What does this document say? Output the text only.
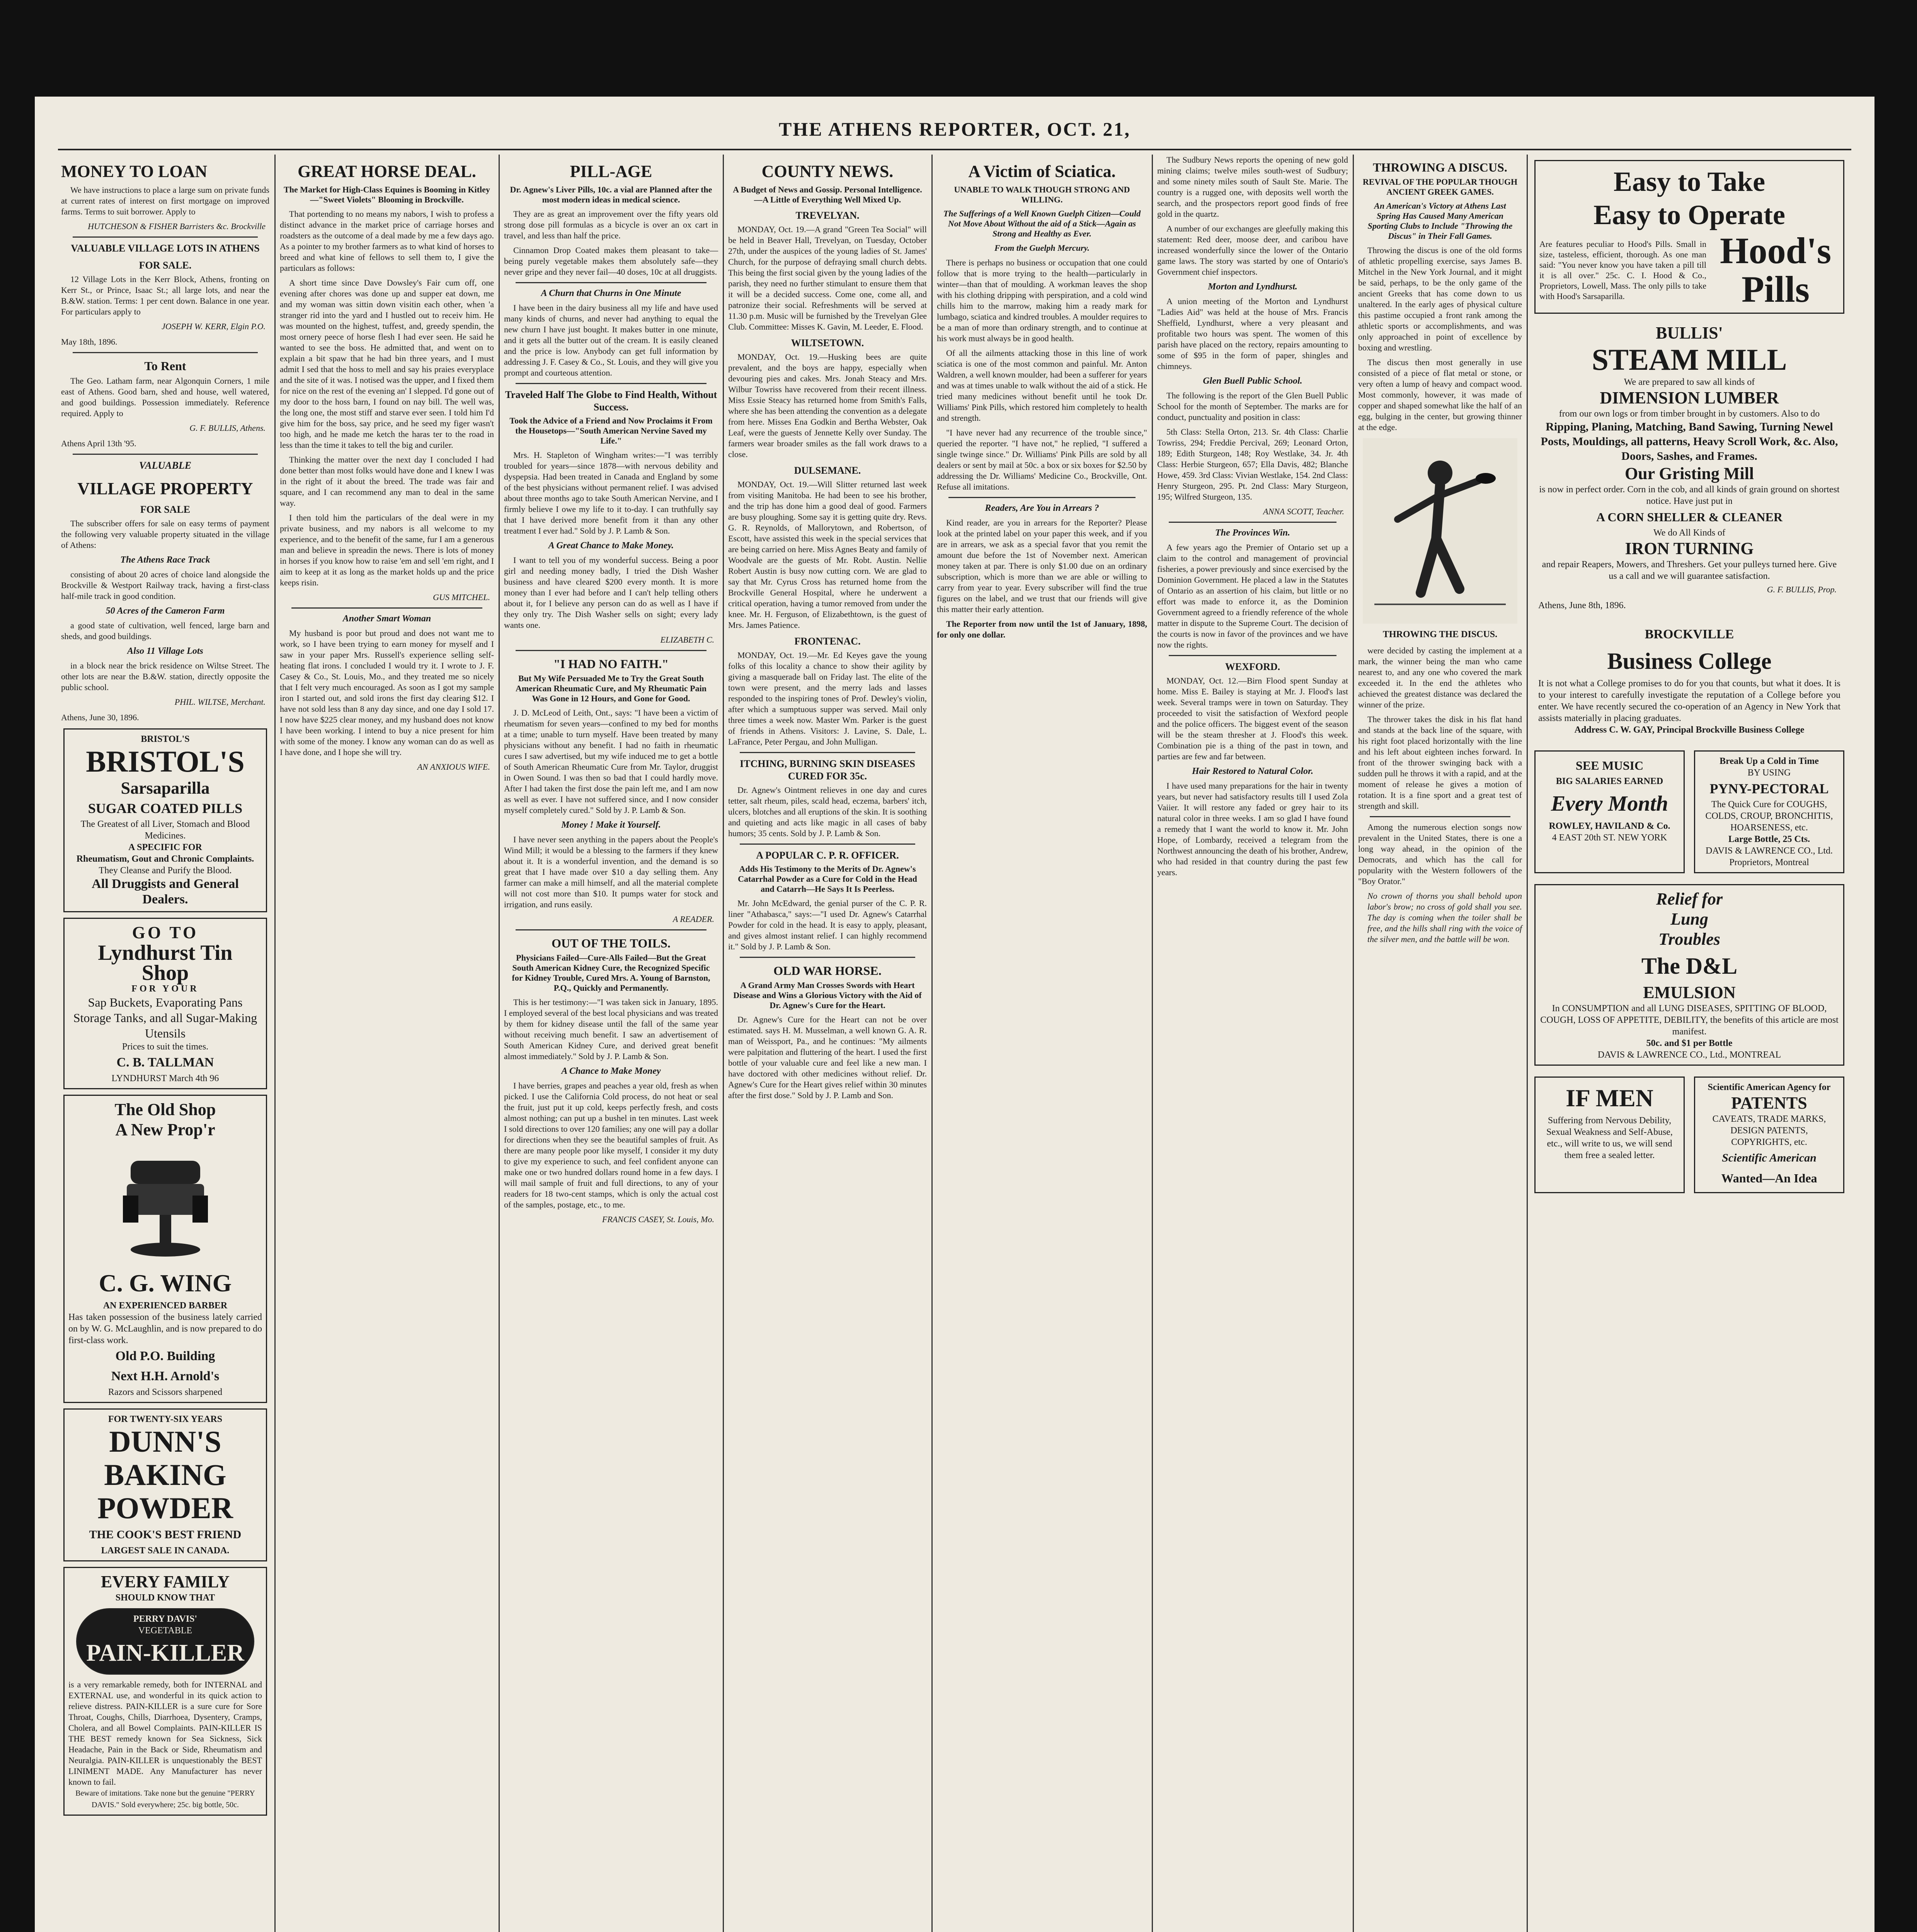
THE ATHENS REPORTER, OCT. 21,
MONEY TO LOAN

We have instructions to place a large sum on private funds at current rates of interest on first mortgage on improved farms. Terms to suit borrower. Apply to

HUTCHESON & FISHER Barristers &c. Brockville
VALUABLE VILLAGE LOTS IN ATHENS
FOR SALE.

12 Village Lots in the Kerr Block, Athens, fronting on Kerr St., or Prince, Isaac St.; all large lots, and near the B.&W. station. Terms: 1 per cent down. Balance in one year. For particulars apply to

JOSEPH W. KERR, Elgin P.O.
May 18th, 1896.
To Rent

The Geo. Latham farm, near Algonquin Corners, 1 mile east of Athens. Good barn, shed and house, well watered, and good buildings. Possession immediately. Reference required. Apply to

G. F. BULLIS, Athens.
Athens April 13th '95.
VALUABLE
VILLAGE PROPERTY
FOR SALE

The subscriber offers for sale on easy terms of payment the following very valuable property situated in the village of Athens:

The Athens Race Track

consisting of about 20 acres of choice land alongside the Brockville & Westport Railway track, having a first-class half-mile track in good condition.

50 Acres of the Cameron Farm

a good state of cultivation, well fenced, large barn and sheds, and good buildings.

Also 11 Village Lots

in a block near the brick residence on Wiltse Street. The other lots are near the B.&W. station, directly opposite the public school.

PHIL. WILTSE, Merchant.
Athens, June 30, 1896.
BRISTOL'S
BRISTOL'S
Sarsaparilla
SUGAR COATED PILLS
The Greatest of all Liver, Stomach and Blood Medicines.
A SPECIFIC FOR
Rheumatism, Gout and Chronic Complaints.
They Cleanse and Purify the Blood.
All Druggists and General Dealers.
GO TO
Lyndhurst Tin
Shop
FOR YOUR
Sap Buckets, Evaporating Pans Storage Tanks, and all Sugar-Making Utensils
Prices to suit the times.
C. B. TALLMAN
LYNDHURST March 4th 96
The Old Shop
A New Prop'r
C. G. WING
AN EXPERIENCED BARBER
Has taken possession of the business lately carried on by W. G. McLaughlin, and is now prepared to do first-class work.
Old P.O. Building
Next H.H. Arnold's
Razors and Scissors sharpened
FOR TWENTY-SIX YEARS
DUNN'S
BAKING
POWDER
THE COOK'S BEST FRIEND
LARGEST SALE IN CANADA.
EVERY FAMILY
SHOULD KNOW THAT
PERRY DAVIS'
VEGETABLE
PAIN-KILLER
is a very remarkable remedy, both for INTERNAL and EXTERNAL use, and wonderful in its quick action to relieve distress. PAIN-KILLER is a sure cure for Sore Throat, Coughs, Chills, Diarrhoea, Dysentery, Cramps, Cholera, and all Bowel Complaints. PAIN-KILLER IS THE BEST remedy known for Sea Sickness, Sick Headache, Pain in the Back or Side, Rheumatism and Neuralgia. PAIN-KILLER is unquestionably the BEST LINIMENT MADE. Any Manufacturer has never known to fail.
Beware of imitations. Take none but the genuine "PERRY DAVIS." Sold everywhere; 25c. big bottle, 50c.
GREAT HORSE DEAL.
The Market for High-Class Equines is Booming in Kitley—"Sweet Violets" Blooming in Brockville.

That portending to no means my nabors, I wish to profess a distinct advance in the market price of carriage horses and roadsters as the outcome of a deal made by me a few days ago. As a pointer to my brother farmers as to what kind of horses to breed and what kine of fellows to sell them to, I give the particulars as follows:

A short time since Dave Dowsley's Fair cum off, one evening after chores was done up and supper eat down, me and my woman was sittin down visitin each other, when 'a stranger rid into the yard and I hustled out to receiv him. He was mounted on the highest, tuffest, and, greedy spendin, the most ornery peece of horse flesh I had ever seen. He said he wanted to see the boss. He admitted that, and went on to explain a bit spaw that he had bin three years, and I must admit I sed that the hoss to mell and say his praies everyplace and the site of it was. I notised was the upper, and I fixed them for nice on the rest of the evening an' I slepped. I'd gone out of my door to the hoss barn, I found on nay bill. The well was, the long one, the most stiff and starve ever seen. I told him I'd give him for the boss, say price, and he seed my figer wasn't too high, and he made me ketch the haras ter to the road in less than the time it takes to tell the big and curiler.

Thinking the matter over the next day I concluded I had done better than most folks would have done and I knew I was in the right of it about the breed. The trade was fair and square, and I can recommend any man to deal in the same way.

I then told him the particulars of the deal were in my private business, and my nabors is all welcome to my experience, and to the benefit of the same, fur I am a generous man and believe in spreadin the news. There is lots of money in horses if you know how to raise 'em and sell 'em right, and I aim to keep at it as long as the market holds up and the price keeps risin.

GUS MITCHEL.
Another Smart Woman

My husband is poor but proud and does not want me to work, so I have been trying to earn money for myself and I saw in your paper Mrs. Russell's experience selling self-heating flat irons. I concluded I would try it. I wrote to J. F. Casey & Co., St. Louis, Mo., and they treated me so nicely that I felt very much encouraged. As soon as I got my sample iron I started out, and sold irons the first day clearing $12. I have not sold less than 8 any day since, and one day I sold 17. I now have $225 clear money, and my husband does not know I have been working. I intend to buy a nice present for him with some of the money. I know any woman can do as well as I have done, and I hope she will try.

AN ANXIOUS WIFE.
PILL-AGE
Dr. Agnew's Liver Pills, 10c. a vial are Planned after the most modern ideas in medical science.

They are as great an improvement over the fifty years old strong dose pill formulas as a bicycle is over an ox cart in travel, and less than half the price.

Cinnamon Drop Coated makes them pleasant to take—being purely vegetable makes them absolutely safe—they never gripe and they never fail—40 doses, 10c at all druggists.

A Churn that Churns in One Minute

I have been in the dairy business all my life and have used many kinds of churns, and never had anything to equal the new churn I have just bought. It makes butter in one minute, and it gets all the butter out of the cream. It is easily cleaned and the price is low. Anybody can get full information by addressing J. F. Casey & Co., St. Louis, and they will give you prompt and courteous attention.

Traveled Half The Globe to Find Health, Without Success.
Took the Advice of a Friend and Now Proclaims it From the Housetops—"South American Nervine Saved my Life."

Mrs. H. Stapleton of Wingham writes:—"I was terribly troubled for years—since 1878—with nervous debility and dyspepsia. Had been treated in Canada and England by some of the best physicians without permanent relief. I was advised about three months ago to take South American Nervine, and I firmly believe I owe my life to it to-day. I can truthfully say that I have derived more benefit from it than any other treatment I ever had." Sold by J. P. Lamb & Son.

A Great Chance to Make Money.

I want to tell you of my wonderful success. Being a poor girl and needing money badly, I tried the Dish Washer business and have cleared $200 every month. It is more money than I ever had before and I can't help telling others about it, for I believe any person can do as well as I have if they only try. The Dish Washer sells on sight; every lady wants one.

ELIZABETH C.
"I HAD NO FAITH."
But My Wife Persuaded Me to Try the Great South American Rheumatic Cure, and My Rheumatic Pain Was Gone in 12 Hours, and Gone for Good.

J. D. McLeod of Leith, Ont., says: "I have been a victim of rheumatism for seven years—confined to my bed for months at a time; unable to turn myself. Have been treated by many physicians without any benefit. I had no faith in rheumatic cures I saw advertised, but my wife induced me to get a bottle of South American Rheumatic Cure from Mr. Taylor, druggist in Owen Sound. I was then so bad that I could hardly move. After I had taken the first dose the pain left me, and I am now as well as ever. I have not suffered since, and I now consider myself completely cured." Sold by J. P. Lamb & Son.

Money ! Make it Yourself.

I have never seen anything in the papers about the People's Wind Mill; it would be a blessing to the farmers if they knew about it. It is a wonderful invention, and the demand is so great that I have made over $10 a day selling them. Any farmer can make a mill himself, and all the material complete will not cost more than $10. It pumps water for stock and irrigation, and runs easily.

A READER.
OUT OF THE TOILS.
Physicians Failed—Cure-Alls Failed—But the Great South American Kidney Cure, the Recognized Specific for Kidney Trouble, Cured Mrs. A. Young of Barnston, P.Q., Quickly and Permanently.

This is her testimony:—"I was taken sick in January, 1895. I employed several of the best local physicians and was treated by them for kidney disease until the fall of the same year without receiving much benefit. I saw an advertisement of South American Kidney Cure, and derived great benefit almost immediately." Sold by J. P. Lamb & Son.

A Chance to Make Money

I have berries, grapes and peaches a year old, fresh as when picked. I use the California Cold process, do not heat or seal the fruit, just put it up cold, keeps perfectly fresh, and costs almost nothing; can put up a bushel in ten minutes. Last week I sold directions to over 120 families; any one will pay a dollar for directions when they see the beautiful samples of fruit. As there are many people poor like myself, I consider it my duty to give my experience to such, and feel confident anyone can make one or two hundred dollars round home in a few days. I will mail sample of fruit and full directions, to any of your readers for 18 two-cent stamps, which is only the actual cost of the samples, postage, etc., to me.

FRANCIS CASEY, St. Louis, Mo.
COUNTY NEWS.
A Budget of News and Gossip. Personal Intelligence.—A Little of Everything Well Mixed Up.
TREVELYAN.

MONDAY, Oct. 19.—A grand "Green Tea Social" will be held in Beaver Hall, Trevelyan, on Tuesday, October 27th, under the auspices of the young ladies of St. James' Church, for the purpose of defraying small church debts. This being the first social given by the young ladies of the parish, they need no further stimulant to ensure them that it will be a decided success. Come one, come all, and patronize their social. Refreshments will be served at 11.30 p.m. Music will be furnished by the Trevelyan Glee Club. Committee: Misses K. Gavin, M. Leeder, E. Flood.

WILTSETOWN.

MONDAY, Oct. 19.—Husking bees are quite prevalent, and the boys are happy, especially when devouring pies and cakes. Mrs. Jonah Steacy and Mrs. Wilbur Towriss have recovered from their recent illness. Miss Essie Steacy has returned home from Smith's Falls, where she has been attending the convention as a delegate from here. Misses Ena Godkin and Bertha Webster, Oak Leaf, were the guests of Jennette Kelly over Sunday. The farmers wear broader smiles as the fall work draws to a close.

DULSEMANE.

MONDAY, Oct. 19.—Will Slitter returned last week from visiting Manitoba. He had been to see his brother, and the trip has done him a good deal of good. Farmers are busy ploughing. Some say it is getting quite dry. Revs. G. R. Reynolds, of Mallorytown, and Robertson, of Escott, have assisted this week in the special services that are being carried on here. Miss Agnes Beaty and family of Woodvale are the guests of Mr. Robt. Austin. Nellie Robert Austin is busy now cutting corn. We are glad to say that Mr. Cyrus Cross has returned home from the Brockville General Hospital, where he underwent a critical operation, having a tumor removed from under the knee. Mr. H. Ferguson, of Elizabethtown, is the guest of Mrs. James Patience.

FRONTENAC.

MONDAY, Oct. 19.—Mr. Ed Keyes gave the young folks of this locality a chance to show their agility by giving a masquerade ball on Friday last. The elite of the town were present, and the merry lads and lasses responded to the inspiring tones of Prof. Dewley's violin, after which a sumptuous supper was served. Mail only three times a week now. Master Wm. Parker is the guest of friends in Athens. Visitors: J. Lavine, S. Dale, L. LaFrance, Peter Pergau, and John Mulligan.

ITCHING, BURNING SKIN DISEASES CURED FOR 35c.

Dr. Agnew's Ointment relieves in one day and cures tetter, salt rheum, piles, scald head, eczema, barbers' itch, ulcers, blotches and all eruptions of the skin. It is soothing and quieting and acts like magic in all cases of baby humors; 35 cents. Sold by J. P. Lamb & Son.

A POPULAR C. P. R. OFFICER.
Adds His Testimony to the Merits of Dr. Agnew's Catarrhal Powder as a Cure for Cold in the Head and Catarrh—He Says It Is Peerless.

Mr. John McEdward, the genial purser of the C. P. R. liner "Athabasca," says:—"I used Dr. Agnew's Catarrhal Powder for cold in the head. It is easy to apply, pleasant, and gives almost instant relief. I can highly recommend it." Sold by J. P. Lamb & Son.

OLD WAR HORSE.
A Grand Army Man Crosses Swords with Heart Disease and Wins a Glorious Victory with the Aid of Dr. Agnew's Cure for the Heart.

Dr. Agnew's Cure for the Heart can not be over estimated. says H. M. Musselman, a well known G. A. R. man of Weissport, Pa., and he continues: "My ailments were palpitation and fluttering of the heart. I used the first bottle of your valuable cure and feel like a new man. I have doctored with other medicines without relief. Dr. Agnew's Cure for the Heart gives relief within 30 minutes after the first dose." Sold by J. P. Lamb and Son.

A Victim of Sciatica.
UNABLE TO WALK THOUGH STRONG AND WILLING.
The Sufferings of a Well Known Guelph Citizen—Could Not Move About Without the aid of a Stick—Again as Strong and Healthy as Ever.
From the Guelph Mercury.

There is perhaps no business or occupation that one could follow that is more trying to the health—particularly in winter—than that of moulding. A workman leaves the shop with his clothing dripping with perspiration, and a cold wind chills him to the marrow, making him a ready mark for lumbago, sciatica and kindred troubles. A moulder requires to be a man of more than ordinary strength, and to continue at his work must always be in good health.

Of all the ailments attacking those in this line of work sciatica is one of the most common and painful. Mr. Anton Waldren, a well known moulder, had been a sufferer for years and was at times unable to walk without the aid of a stick. He tried many medicines without benefit until he took Dr. Williams' Pink Pills, which restored him completely to health and strength.

"I have never had any recurrence of the trouble since," queried the reporter. "I have not," he replied, "I suffered a single twinge since." Dr. Williams' Pink Pills are sold by all dealers or sent by mail at 50c. a box or six boxes for $2.50 by addressing the Dr. Williams' Medicine Co., Brockville, Ont. Refuse all imitations.

Readers, Are You in Arrears ?

Kind reader, are you in arrears for the Reporter? Please look at the printed label on your paper this week, and if you are in arrears, we ask as a special favor that you remit the amount due before the 1st of November next. American money taken at par. There is only $1.00 due on an ordinary subscription, which is more than we are able or willing to carry from year to year. Every subscriber will find the true figures on the label, and we trust that our friends will give this matter their early attention.

The Reporter from now until the 1st of January, 1898, for only one dollar.

The Sudbury News reports the opening of new gold mining claims; twelve miles south-west of Sudbury; and some ninety miles south of Sault Ste. Marie. The country is a rugged one, with deposits well worth the search, and the prospectors report good finds of free gold in the quartz.

A number of our exchanges are gleefully making this statement: Red deer, moose deer, and caribou have increased wonderfully since the lower of the Ontario game laws. The story was started by one of Ontario's Government chief inspectors.

Morton and Lyndhurst.

A union meeting of the Morton and Lyndhurst "Ladies Aid" was held at the house of Mrs. Francis Sheffield, Lyndhurst, where a very pleasant and profitable two hours was spent. The women of this parish have placed on the rectory, repairs amounting to some of $95 in the form of paper, shingles and chimneys.

Glen Buell Public School.

The following is the report of the Glen Buell Public School for the month of September. The marks are for conduct, punctuality and position in class:

5th Class: Stella Orton, 213. Sr. 4th Class: Charlie Towriss, 294; Freddie Percival, 269; Leonard Orton, 189; Edith Sturgeon, 148; Roy Westlake, 34. Jr. 4th Class: Herbie Sturgeon, 657; Ella Davis, 482; Blanche Howe, 459. 3rd Class: Vivian Westlake, 154. 2nd Class: Henry Sturgeon, 295. Pt. 2nd Class: Mary Sturgeon, 195; Wilfred Sturgeon, 135.

ANNA SCOTT, Teacher.
The Provinces Win.

A few years ago the Premier of Ontario set up a claim to the control and management of provincial fisheries, a power previously and since exercised by the Dominion Government. He placed a law in the Statutes of Ontario as an assertion of his claim, but little or no effort was made to enforce it, as the Dominion Government agreed to a friendly reference of the whole matter in dispute to the Supreme Court. The decision of the courts is now in favor of the provinces and we have now the rights.

WEXFORD.

MONDAY, Oct. 12.—Birn Flood spent Sunday at home. Miss E. Bailey is staying at Mr. J. Flood's last week. Several tramps were in town on Saturday. They proceeded to visit the satisfaction of Wexford people and the police officers. The biggest event of the season will be the steam thresher at J. Flood's this week. Combination pie is a thing of the past in town, and parties are few and far between.

Hair Restored to Natural Color.

I have used many preparations for the hair in twenty years, but never had satisfactory results till I used Zola Vaiier. It will restore any faded or grey hair to its natural color in three weeks. I am so glad I have found a remedy that I want the world to know it. Mr. John Hope, of Lombardy, received a telegram from the Northwest announcing the death of his brother, Andrew, who had resided in that country during the past few years.

THROWING A DISCUS.
REVIVAL OF THE POPULAR THOUGH ANCIENT GREEK GAMES.
An American's Victory at Athens Last Spring Has Caused Many American Sporting Clubs to Include "Throwing the Discus" in Their Fall Games.

Throwing the discus is one of the old forms of athletic propelling exercise, says James B. Mitchel in the New York Journal, and it might be said, perhaps, to be the only game of the ancient Greeks that has come down to us unaltered. In the early ages of physical culture this pastime occupied a front rank among the athletic sports or accomplishments, and was only approached in point of excellence by boxing and wrestling.

The discus then most generally in use consisted of a piece of flat metal or stone, or very often a lump of heavy and compact wood. Most commonly, however, it was made of copper and shaped somewhat like the half of an egg, bulging in the center, but growing thinner at the edge.

THROWING THE DISCUS.

were decided by casting the implement at a mark, the winner being the man who came nearest to, and any one who covered the mark exceeded it. In the end the athletes who achieved the greatest distance was declared the winner of the prize.

The thrower takes the disk in his flat hand and stands at the back line of the square, with his right foot placed horizontally with the line and his left about eighteen inches forward. In front of the thrower swinging back with a sudden pull he throws it with a rapid, and at the moment of release he gives a motion of rotation. It is a fine sport and a great test of strength and skill.

Among the numerous election songs now prevalent in the United States, there is one a long way ahead, in the opinion of the Democrats, and which has the call for popularity with the Western followers of the "Boy Orator."

No crown of thorns you shall behold upon labor's brow; no cross of gold shall you see. The day is coming when the toiler shall be free, and the hills shall ring with the voice of the silver men, and the battle will be won.

Easy to Take
Easy to Operate
Are features peculiar to Hood's Pills. Small in size, tasteless, efficient, thorough. As one man said: "You never know you have taken a pill till it is all over." 25c. C. I. Hood & Co., Proprietors, Lowell, Mass. The only pills to take with Hood's Sarsaparilla.
Hood's
Pills
BULLIS'
STEAM MILL
We are prepared to saw all kinds of
DIMENSION LUMBER
from our own logs or from timber brought in by customers. Also to do
Ripping, Planing, Matching, Band Sawing, Turning Newel Posts, Mouldings, all patterns, Heavy Scroll Work, &c. Also, Doors, Sashes, and Frames.
Our Gristing Mill
is now in perfect order. Corn in the cob, and all kinds of grain ground on shortest notice. Have just put in
A CORN SHELLER & CLEANER
We do All Kinds of
IRON TURNING
and repair Reapers, Mowers, and Threshers. Get your pulleys turned here. Give us a call and we will guarantee satisfaction.
G. F. BULLIS, Prop.
Athens, June 8th, 1896.
BROCKVILLE
Business College
It is not what a College promises to do for you that counts, but what it does. It is to your interest to carefully investigate the reputation of a College before you enter. We have recently secured the co-operation of an Agency in New York that assists materially in placing graduates.
Address C. W. GAY, Principal Brockville Business College
SEE MUSIC
BIG SALARIES EARNED
Every Month
ROWLEY, HAVILAND & Co.
4 EAST 20th ST. NEW YORK
Break Up a Cold in Time
BY USING
PYNY-PECTORAL
The Quick Cure for COUGHS, COLDS, CROUP, BRONCHITIS, HOARSENESS, etc.
Large Bottle, 25 Cts.
DAVIS & LAWRENCE CO., Ltd. Proprietors, Montreal
Relief for
Lung
Troubles
The D&L
EMULSION
In CONSUMPTION and all LUNG DISEASES, SPITTING OF BLOOD, COUGH, LOSS OF APPETITE, DEBILITY, the benefits of this article are most manifest.
50c. and $1 per Bottle
DAVIS & LAWRENCE CO., Ltd., MONTREAL
IF MEN
Suffering from Nervous Debility, Sexual Weakness and Self-Abuse, etc., will write to us, we will send them free a sealed letter.
Scientific American Agency for
PATENTS
CAVEATS, TRADE MARKS, DESIGN PATENTS, COPYRIGHTS, etc.
Scientific American
Wanted—An Idea
